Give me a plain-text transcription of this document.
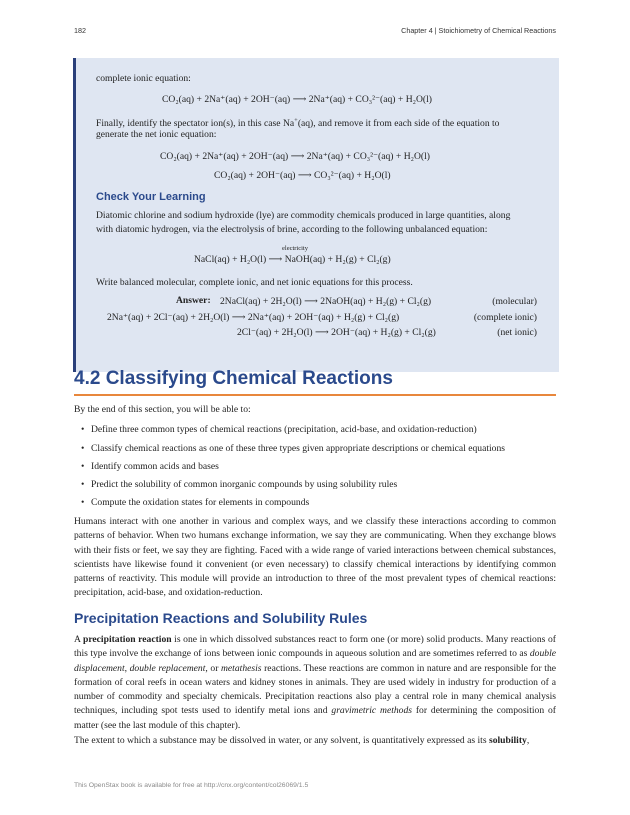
182	Chapter 4 | Stoichiometry of Chemical Reactions
complete ionic equation:
CO₂(aq) + 2Na⁺(aq) + 2OH⁻(aq) ⟶ 2Na⁺(aq) + CO₃²⁻(aq) + H₂O(l)
Finally, identify the spectator ion(s), in this case Na+(aq), and remove it from each side of the equation to
generate the net ionic equation:
CO₂(aq) + 2Na⁺(aq) + 2OH⁻(aq) ⟶ 2Na⁺(aq) + CO₃²⁻(aq) + H₂O(l)
CO₂(aq) + 2OH⁻(aq) ⟶ CO₃²⁻(aq) + H₂O(l)
Check Your Learning
Diatomic chlorine and sodium hydroxide (lye) are commodity chemicals produced in large quantities, along
with diatomic hydrogen, via the electrolysis of brine, according to the following unbalanced equation:
electricity
NaCl(aq) + H₂O(l) ⟶ NaOH(aq) + H₂(g) + Cl₂(g)
Write balanced molecular, complete ionic, and net ionic equations for this process.
Answer: 2NaCl(aq) + 2H₂O(l) ⟶ 2NaOH(aq) + H₂(g) + Cl₂(g)	(molecular)
2Na⁺(aq) + 2Cl⁻(aq) + 2H₂O(l) ⟶ 2Na⁺(aq) + 2OH⁻(aq) + H₂(g) + Cl₂(g)	(complete ionic)
2Cl⁻(aq) + 2H₂O(l) ⟶ 2OH⁻(aq) + H₂(g) + Cl₂(g)	(net ionic)
4.2 Classifying Chemical Reactions
By the end of this section, you will be able to:
• Define three common types of chemical reactions (precipitation, acid-base, and oxidation-reduction)
• Classify chemical reactions as one of these three types given appropriate descriptions or chemical equations
• Identify common acids and bases
• Predict the solubility of common inorganic compounds by using solubility rules
• Compute the oxidation states for elements in compounds
Humans interact with one another in various and complex ways, and we classify these interactions according to common patterns of behavior. When two humans exchange information, we say they are communicating. When they exchange blows with their fists or feet, we say they are fighting. Faced with a wide range of varied interactions between chemical substances, scientists have likewise found it convenient (or even necessary) to classify chemical interactions by identifying common patterns of reactivity. This module will provide an introduction to three of the most prevalent types of chemical reactions: precipitation, acid-base, and oxidation-reduction.
Precipitation Reactions and Solubility Rules
A precipitation reaction is one in which dissolved substances react to form one (or more) solid products. Many reactions of this type involve the exchange of ions between ionic compounds in aqueous solution and are sometimes referred to as double displacement, double replacement, or metathesis reactions. These reactions are common in nature and are responsible for the formation of coral reefs in ocean waters and kidney stones in animals. They are used widely in industry for production of a number of commodity and specialty chemicals. Precipitation reactions also play a central role in many chemical analysis techniques, including spot tests used to identify metal ions and gravimetric methods for determining the composition of matter (see the last module of this chapter).
The extent to which a substance may be dissolved in water, or any solvent, is quantitatively expressed as its solubility,
This OpenStax book is available for free at http://cnx.org/content/col26069/1.5
